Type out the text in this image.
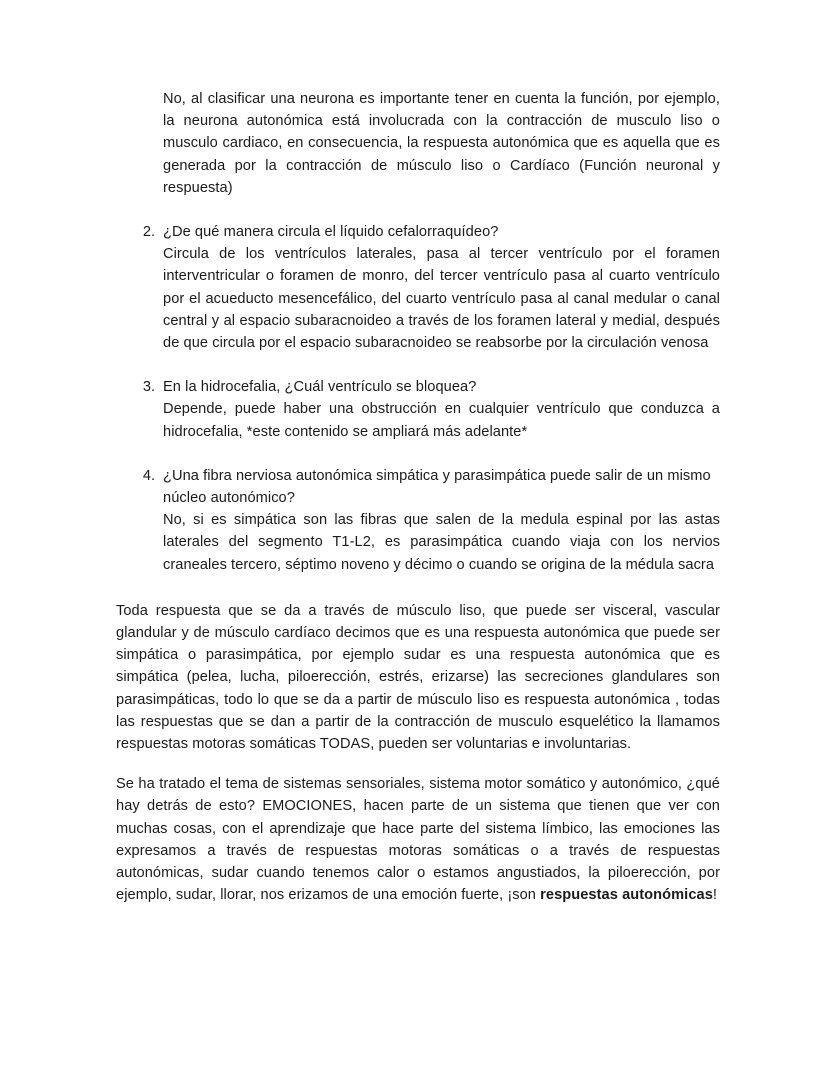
No, al clasificar una neurona es importante tener en cuenta la función, por ejemplo, la neurona autonómica está involucrada con la contracción de musculo liso o musculo cardiaco, en consecuencia, la respuesta autonómica que es aquella que es generada por la contracción de músculo liso o Cardíaco (Función neuronal y respuesta)

2. ¿De qué manera circula el líquido cefalorraquídeo?

Circula de los ventrículos laterales, pasa al tercer ventrículo por el foramen interventricular o foramen de monro, del tercer ventrículo pasa al cuarto ventrículo por el acueducto mesencefálico, del cuarto ventrículo pasa al canal medular o canal central y al espacio subaracnoideo a través de los foramen lateral y medial, después de que circula por el espacio subaracnoideo se reabsorbe por la circulación venosa

3. En la hidrocefalia, ¿Cuál ventrículo se bloquea?

Depende, puede haber una obstrucción en cualquier ventrículo que conduzca a hidrocefalia, *este contenido se ampliará más adelante*

4. ¿Una fibra nerviosa autonómica simpática y parasimpática puede salir de un mismo núcleo autonómico?

No, si es simpática son las fibras que salen de la medula espinal por las astas laterales del segmento T1-L2, es parasimpática cuando viaja con los nervios craneales tercero, séptimo noveno y décimo o cuando se origina de la médula sacra

Toda respuesta que se da a través de músculo liso, que puede ser visceral, vascular glandular y de músculo cardíaco decimos que es una respuesta autonómica que puede ser simpática o parasimpática, por ejemplo sudar es una respuesta autonómica que es simpática (pelea, lucha, piloerección, estrés, erizarse) las secreciones glandulares son parasimpáticas, todo lo que se da a partir de músculo liso es respuesta autonómica , todas las respuestas que se dan a partir de la contracción de musculo esquelético la llamamos respuestas motoras somáticas TODAS, pueden ser voluntarias e involuntarias.

Se ha tratado el tema de sistemas sensoriales, sistema motor somático y autonómico, ¿qué hay detrás de esto? EMOCIONES, hacen parte de un sistema que tienen que ver con muchas cosas, con el aprendizaje que hace parte del sistema límbico, las emociones las expresamos a través de respuestas motoras somáticas o a través de respuestas autonómicas, sudar cuando tenemos calor o estamos angustiados, la piloerección, por ejemplo, sudar, llorar, nos erizamos de una emoción fuerte, ¡son respuestas autonómicas!
